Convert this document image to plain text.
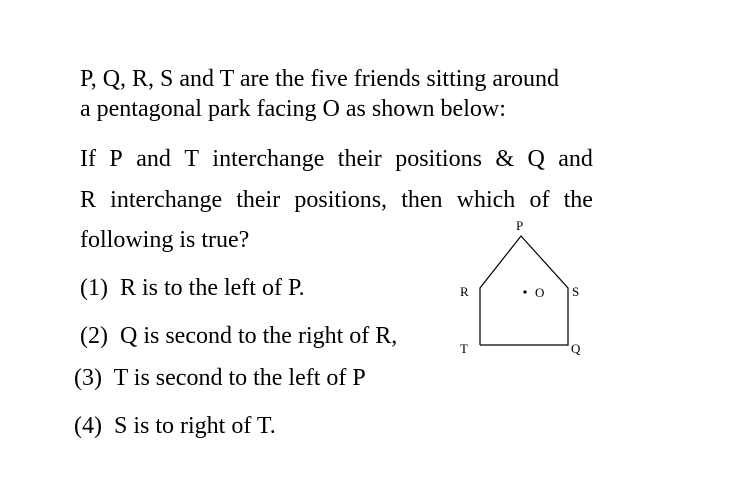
P, Q, R, S and T are the five friends sitting around
a pentagonal park facing O as shown below:
If P and T interchange their positions & Q and
R interchange their positions, then which of the
following is true?
(1) R is to the left of P.
(2) Q is second to the right of R,
(3) T is second to the left of P
(4) S is to right of T.
P
R	S
T	Q
O
